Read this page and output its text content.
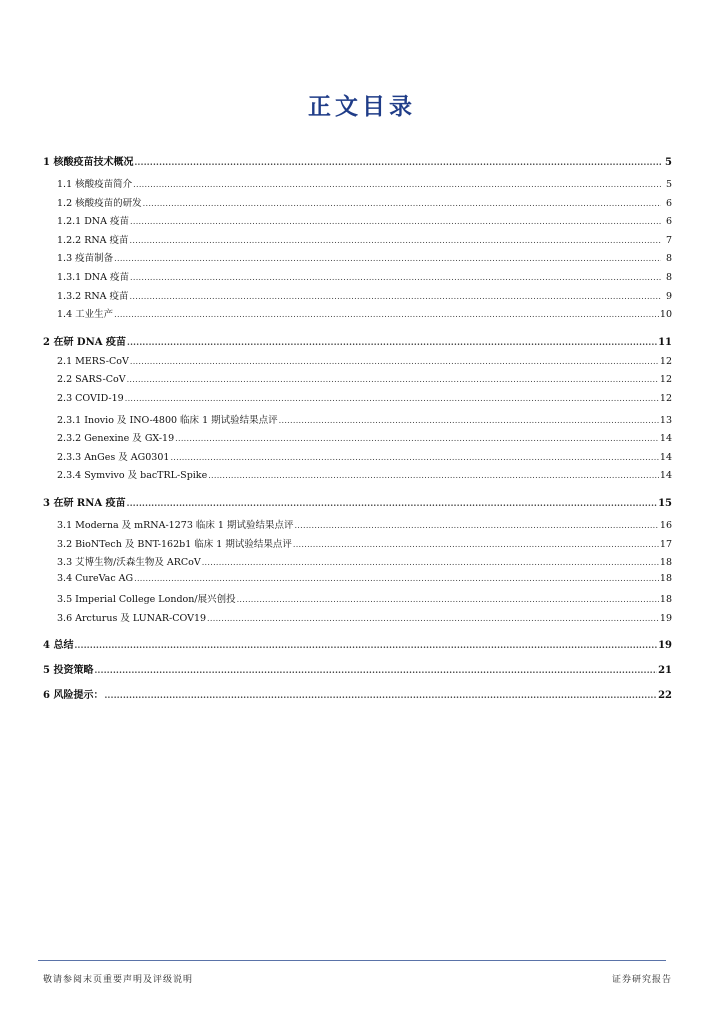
正文目录
1 核酸疫苗技术概况 .....	5
1.1 核酸疫苗简介 .....	5
1.2 核酸疫苗的研发 .....	6
1.2.1 DNA 疫苗 .....	6
1.2.2 RNA 疫苗 .....	7
1.3 疫苗制备 .....	8
1.3.1 DNA 疫苗 .....	8
1.3.2 RNA 疫苗 .....	9
1.4 工业生产 .....	10
2 在研 DNA 疫苗 .....	11
2.1 MERS-CoV .....	12
2.2 SARS-CoV .....	12
2.3 COVID-19 .....	12
2.3.1 Inovio 及 INO-4800 临床 1 期试验结果点评 .....	13
2.3.2 Genexine 及 GX-19 .....	14
2.3.3 AnGes 及 AG0301 .....	14
2.3.4 Symvivo 及 bacTRL-Spike .....	14
3 在研 RNA 疫苗 .....	15
3.1 Moderna 及 mRNA-1273 临床 1 期试验结果点评 .....	16
3.2 BioNTech 及 BNT-162b1 临床 1 期试验结果点评 .....	17
3.3 艾博生物/沃森生物及 ARCoV .....	18
3.4 CureVac AG .....	18
3.5 Imperial College London/展兴创投 .....	18
3.6 Arcturus 及 LUNAR-COV19 .....	19
4 总结 .....	19
5 投资策略 .....	21
6 风险提示： .....	22
敬请参阅末页重要声明及评级说明	证券研究报告
